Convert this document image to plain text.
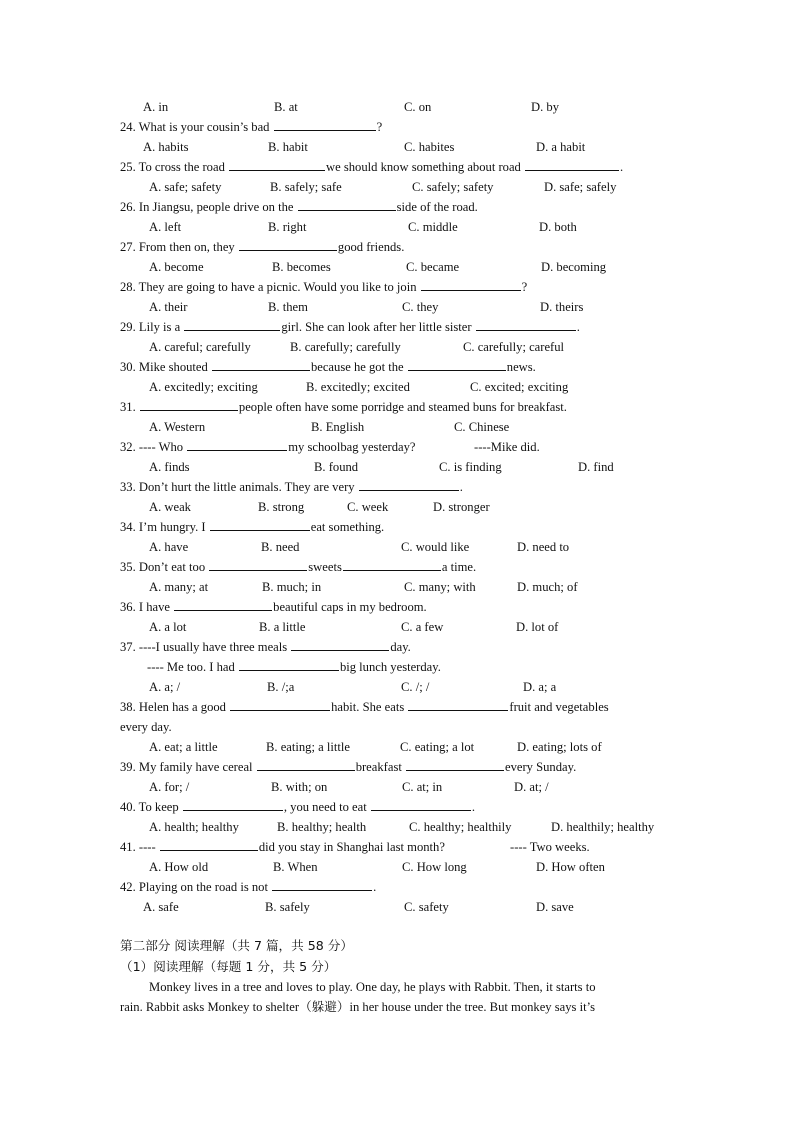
A. in	B. at	C. on	D. by
24. What is your cousin’s bad	?
A. habits	B. habit	C. habites	D. a habit
25. To cross the road	we should know something about road	.
A. safe; safety	B. safely; safe	C. safely; safety	D. safe; safely
26. In Jiangsu, people drive on the	side of the road.
A. left	B. right	C. middle	D. both
27. From then on, they	good friends.
A. become	B. becomes	C. became	D. becoming
28. They are going to have a picnic. Would you like to join	?
A. their	B. them	C. they	D. theirs
29. Lily is a	girl. She can look after her little sister	.
A. careful; carefully	B. carefully; carefully	C. carefully; careful
30. Mike shouted	because he got the	news.
A. excitedly; exciting	B. excitedly; excited	C. excited; exciting
31.	people often have some porridge and steamed buns for breakfast.
A. Western	B. English	C. Chinese
32. ---- Who	my schoolbag yesterday?	----Mike did.
A. finds	B. found	C. is finding	D. find
33. Don’t hurt the little animals. They are very	.
A. weak	B. strong	C. week	D. stronger
34. I’m hungry. I	eat something.
A. have	B. need	C. would like	D. need to
35. Don’t eat too	sweets	a time.
A. many; at	B. much; in	C. many; with	D. much; of
36. I have	beautiful caps in my bedroom.
A. a lot	B. a little	C. a few	D. lot of
37. ----I usually have three meals	day.
---- Me too. I had	big lunch yesterday.
A. a; /	B. /;a	C. /; /	D. a; a
38. Helen has a good	habit. She eats	fruit and vegetables
every day.
A. eat; a little	B. eating; a little	C. eating; a lot	D. eating; lots of
39. My family have cereal	breakfast	every Sunday.
A. for; /	B. with; on	C. at; in	D. at; /
40. To keep	, you need to eat	.
A. health; healthy	B. healthy; health	C. healthy; healthily	D. healthily; healthy
41. ----	did you stay in Shanghai last month?	---- Two weeks.
A. How old	B. When	C. How long	D. How often
42. Playing on the road is not	.
A. safe	B. safely	C. safety	D. save
第二部分 阅读理解（共 7 篇，共 58 分）
（1）阅读理解（每题 1 分，共 5 分）
Monkey lives in a tree and loves to play. One day, he plays with Rabbit. Then, it starts to
rain. Rabbit asks Monkey to shelter（躲避）in her house under the tree. But monkey says it’s
